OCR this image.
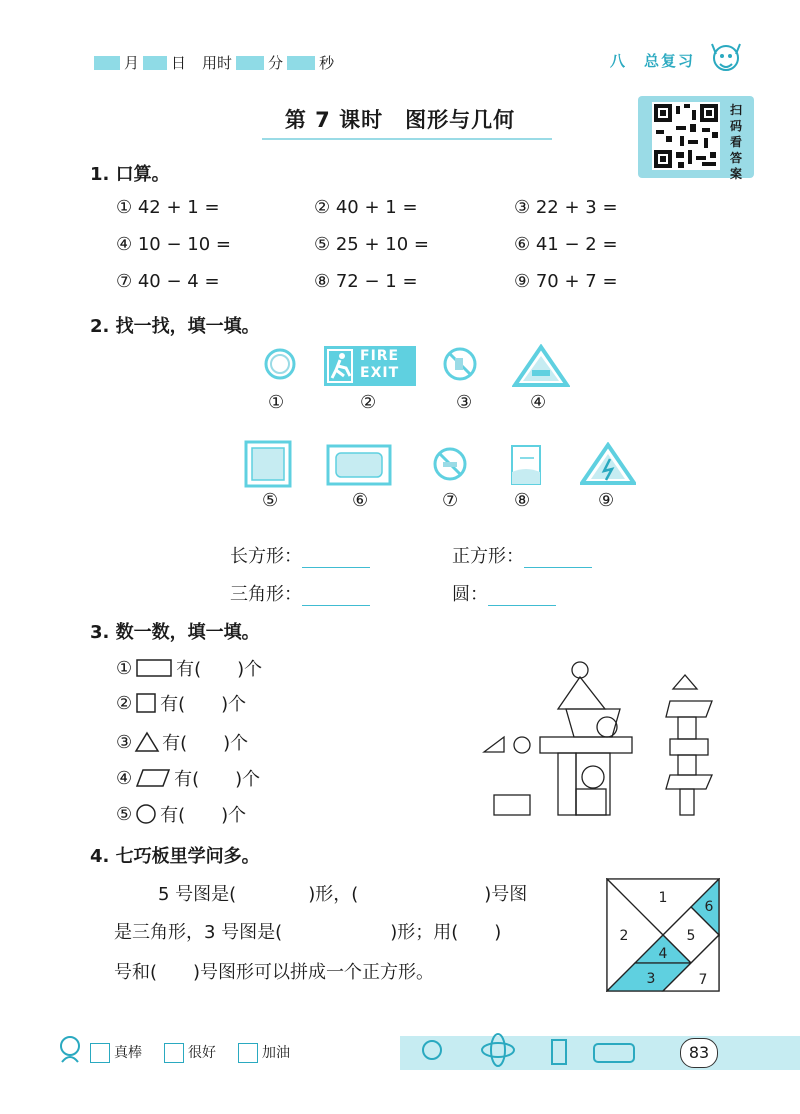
月 日 用时 分 秒	八　总复习
第 7 课时　图形与几何	扫
码
看
答
案
1. 口算。
① 42 + 1 =	② 40 + 1 =	③ 22 + 3 =
④ 10 − 10 =	⑤ 25 + 10 =	⑥ 41 − 2 =
⑦ 40 − 4 =	⑧ 72 − 1 =	⑨ 70 + 7 =
2. 找一找，填一填。
FIRE
EXIT
①	②	③	④
⑤	⑥	⑦	⑧	⑨
长方形：	正方形：
三角形：	圆：
3. 数一数，填一填。
① 有(　　)个
② 有(　　)个
③ 有(　　)个
④ 有(　　)个
⑤ 有(　　)个
4. 七巧板里学问多。
5 号图是(　　　　)形，(　　　　　　　)号图
是三角形，3 号图是(　　　　　　)形；用(　　)
号和(　　)号图形可以拼成一个正方形。
1
2
3
4
5
6
7
真棒	很好	加油	83
